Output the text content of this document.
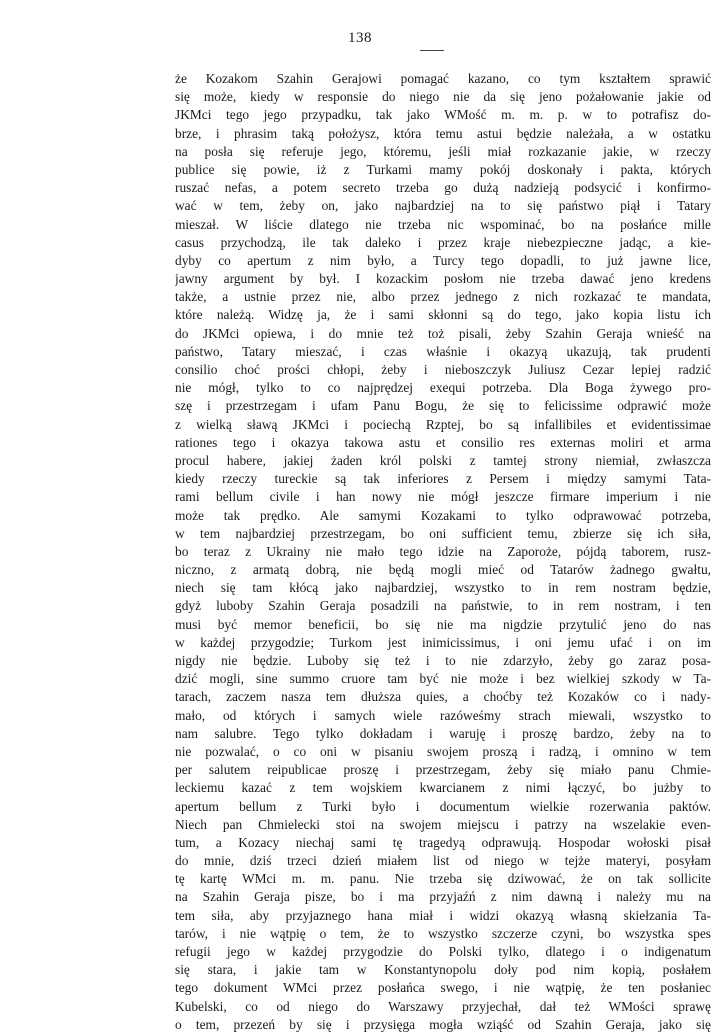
138
że Kozakom Szahin Gerajowi pomagać kazano, co tym kształtem sprawić
się może, kiedy w responsie do niego nie da się jeno pożałowanie jakie od
JKMci tego jego przypadku, tak jako WMość m. m. p. w to potrafisz do-
brze, i phrasim taką położysz, która temu astui będzie należała, a w ostatku
na posła się referuje jego, któremu, jeśli miał rozkazanie jakie, w rzeczy
publice się powie, iż z Turkami mamy pokój doskonały i pakta, których
ruszać nefas, a potem secreto trzeba go dużą nadzieją podsycić i konfirmo-
wać w tem, żeby on, jako najbardziej na to się państwo piął i Tatary
mieszał. W liście dlatego nie trzeba nic wspominać, bo na posłańce mille
casus przychodzą, ile tak daleko i przez kraje niebezpieczne jadąc, a kie-
dyby co apertum z nim było, a Turcy tego dopadli, to już jawne lice,
jawny argument by był. I kozackim posłom nie trzeba dawać jeno kredens
także, a ustnie przez nie, albo przez jednego z nich rozkazać te mandata,
które należą. Widzę ja, że i sami skłonni są do tego, jako kopia listu ich
do JKMci opiewa, i do mnie też toż pisali, żeby Szahin Geraja wnieść na
państwo, Tatary mieszać, i czas właśnie i okazyą ukazują, tak prudenti
consilio choć prości chłopi, żeby i nieboszczyk Juliusz Cezar lepiej radzić
nie mógł, tylko to co najprędzej exequi potrzeba. Dla Boga żywego pro-
szę i przestrzegam i ufam Panu Bogu, że się to felicissime odprawić może
z wielką sławą JKMci i pociechą Rzptej, bo są infallibiles et evidentissimae
rationes tego i okazya takowa astu et consilio res externas moliri et arma
procul habere, jakiej żaden król polski z tamtej strony niemiał, zwłaszcza
kiedy rzeczy tureckie są tak inferiores z Persem i między samymi Tata-
rami bellum civile i han nowy nie mógł jeszcze firmare imperium i nie
może tak prędko. Ale samymi Kozakami to tylko odprawować potrzeba,
w tem najbardziej przestrzegam, bo oni sufficient temu, zbierze się ich siła,
bo teraz z Ukrainy nie mało tego idzie na Zaporoże, pójdą taborem, rusz-
niczno, z armatą dobrą, nie będą mogli mieć od Tatarów żadnego gwałtu,
niech się tam kłócą jako najbardziej, wszystko to in rem nostram będzie,
gdyż luboby Szahin Geraja posadzili na państwie, to in rem nostram, i ten
musi być memor beneficii, bo się nie ma nigdzie przytulić jeno do nas
w każdej przygodzie; Turkom jest inimicissimus, i oni jemu ufać i on im
nigdy nie będzie. Luboby się też i to nie zdarzyło, żeby go zaraz posa-
dzić mogli, sine summo cruore tam być nie może i bez wielkiej szkody w Ta-
tarach, zaczem nasza tem dłuższa quies, a choćby też Kozaków co i nady-
mało, od których i samych wiele razóweśmy strach miewali, wszystko to
nam salubre. Tego tylko dokładam i waruję i proszę bardzo, żeby na to
nie pozwalać, o co oni w pisaniu swojem proszą i radzą, i omnino w tem
per salutem reipublicae proszę i przestrzegam, żeby się miało panu Chmie-
leckiemu kazać z tem wojskiem kwarcianem z nimi łączyć, bo jużby to
apertum bellum z Turki było i documentum wielkie rozerwania paktów.
Niech pan Chmielecki stoi na swojem miejscu i patrzy na wszelakie even-
tum, a Kozacy niechaj sami tę tragedyą odprawują. Hospodar wołoski pisał
do mnie, dziś trzeci dzień miałem list od niego w tejże materyi, posyłam
tę kartę WMci m. m. panu. Nie trzeba się dziwować, że on tak sollicite
na Szahin Geraja pisze, bo i ma przyjaźń z nim dawną i należy mu na
tem siła, aby przyjaznego hana miał i widzi okazyą własną skiełzania Ta-
tarów, i nie wątpię o tem, że to wszystko szczerze czyni, bo wszystka spes
refugii jego w każdej przygodzie do Polski tylko, dlatego i o indigenatum
się stara, i jakie tam w Konstantynopolu doły pod nim kopią, posłałem
tego dokument WMci przez posłańca swego, i nie wątpię, że ten posłaniec
Kubelski, co od niego do Warszawy przyjechał, dał też WMości sprawę
o tem, przezeń by się i przysięga mogła wziąść od Szahin Geraja, jako się
